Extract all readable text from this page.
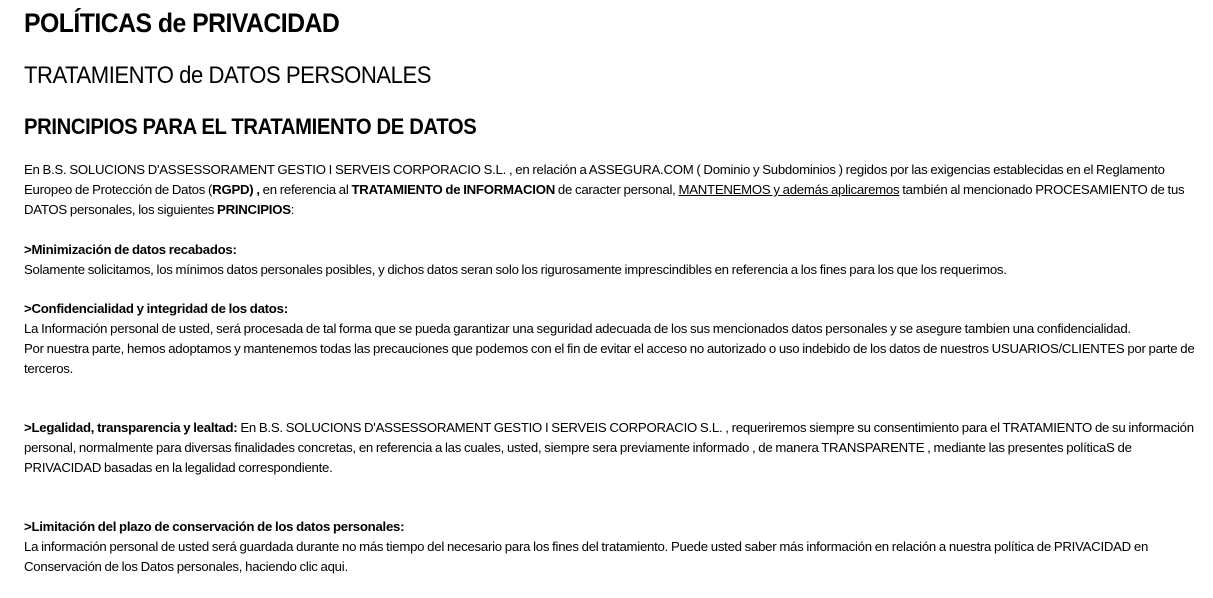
POLÍTICAS de PRIVACIDAD
TRATAMIENTO de DATOS PERSONALES
PRINCIPIOS PARA EL TRATAMIENTO DE DATOS
En B.S. SOLUCIONS D'ASSESSORAMENT GESTIO I SERVEIS CORPORACIO S.L. , en relación a ASSEGURA.COM ( Dominio y Subdominios ) regidos por las exigencias establecidas en el Reglamento Europeo de Protección de Datos (RGPD) , en referencia al TRATAMIENTO de INFORMACION de caracter personal, MANTENEMOS y además aplicaremos también al mencionado PROCESAMIENTO de tus DATOS personales, los siguientes PRINCIPIOS:
>Minimización de datos recabados:
Solamente solicitamos, los mínimos datos personales posibles, y dichos datos seran solo los rigurosamente imprescindibles en referencia a los fines para los que los requerimos.
>Confidencialidad y integridad de los datos:
La Información personal de usted, será procesada de tal forma que se pueda garantizar una seguridad adecuada de los sus mencionados datos personales y se asegure tambien una confidencialidad.
Por nuestra parte, hemos adoptamos y mantenemos todas las precauciones que podemos con el fin de evitar el acceso no autorizado o uso indebido de los datos de nuestros USUARIOS/CLIENTES por parte de terceros.
>Legalidad, transparencia y lealtad: En B.S. SOLUCIONS D'ASSESSORAMENT GESTIO I SERVEIS CORPORACIO S.L. , requeriremos siempre su consentimiento para el TRATAMIENTO de su información personal, normalmente para diversas finalidades concretas, en referencia a las cuales, usted, siempre sera previamente informado , de manera TRANSPARENTE , mediante las presentes políticaS de PRIVACIDAD basadas en la legalidad correspondiente.
>Limitación del plazo de conservación de los datos personales:
La información personal de usted será guardada durante no más tiempo del necesario para los fines del tratamiento. Puede usted saber más información en relación a nuestra política de PRIVACIDAD en Conservación de los Datos personales, haciendo clic aqui.
